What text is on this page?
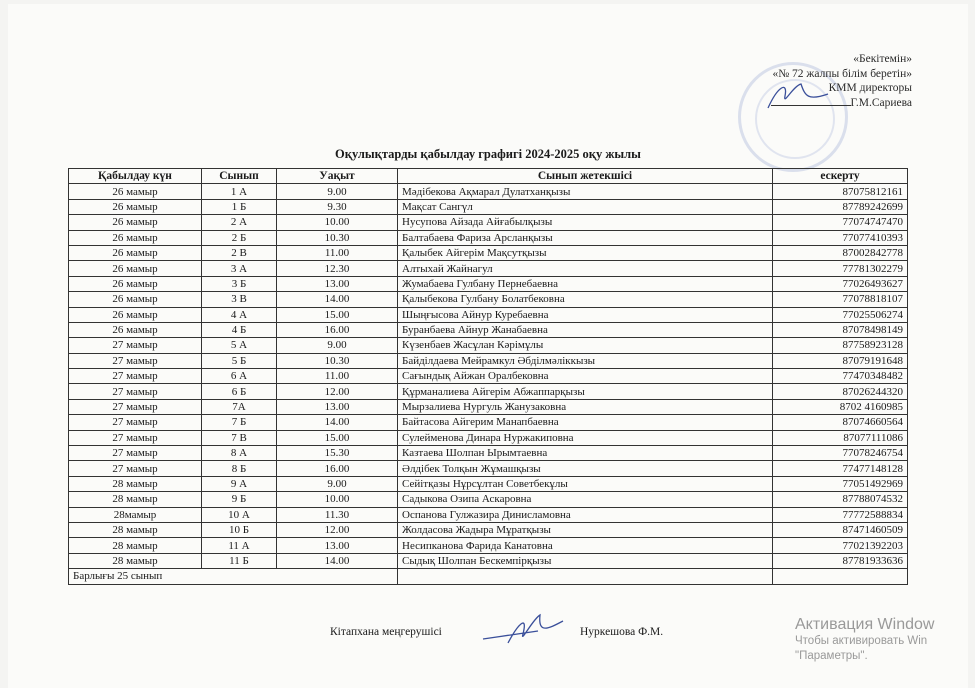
«Бекітемін»
«№ 72 жалпы білім беретін»
КММ директоры
Г.М.Сариева
Оқулықтарды қабылдау графигі 2024-2025 оқу жылы
Қабылдау күн	Сынып	Уақыт	Сынып жетекшісі	ескерту
26 мамыр	1 А	9.00	Мәдібекова Ақмарал Дулатханқызы	87075812161
26 мамыр	1 Б	9.30	Мақсат Сангүл	87789242699
26 мамыр	2 А	10.00	Нусупова Айзада Айғабылқызы	77074747470
26 мамыр	2 Б	10.30	Балтабаева Фариза Арсланқызы	77077410393
26 мамыр	2 В	11.00	Қалыбек Айгерім Мақсутқызы	87002842778
26 мамыр	3 А	12.30	Алтыхай Жайнагул	77781302279
26 мамыр	3 Б	13.00	Жумабаева Гулбану Пернебаевна	77026493627
26 мамыр	3 В	14.00	Қалыбекова Гулбану Болатбековна	77078818107
26 мамыр	4 А	15.00	Шыңғысова Айнур Куребаевна	77025506274
26 мамыр	4 Б	16.00	Буранбаева Айнур Жанабаевна	87078498149
27 мамыр	5 А	9.00	Күзенбаев Жасұлан Кәрімұлы	87758923128
27 мамыр	5 Б	10.30	Байділдаева Мейрамкул Әбділмәліккызы	87079191648
27 мамыр	6 А	11.00	Сағындық Айжан Оралбековна	77470348482
27 мамыр	6 Б	12.00	Құрманалиева Айгерім Абжаппарқызы	87026244320
27 мамыр	7А	13.00	Мырзалиева Нургуль Жанузаковна	8702 4160985
27 мамыр	7 Б	14.00	Байтасова Айгерим Манапбаевна	87074660564
27 мамыр	7 В	15.00	Сулейменова Динара Нуржакиповна	87077111086
27 мамыр	8 А	15.30	Казтаева Шолпан Ырымтаевна	77078246754
27 мамыр	8 Б	16.00	Әлдібек Толқын Жұмашқызы	77477148128
28 мамыр	9 А	9.00	Сейітқазы Нұрсұлтан Советбекұлы	77051492969
28 мамыр	9 Б	10.00	Садыкова Озипа Аскаровна	87788074532
28мамыр	10 А	11.30	Оспанова Гулжазира Динисламовна	77772588834
28 мамыр	10 Б	12.00	Жолдасова Жадыра Мұратқызы	87471460509
28 мамыр	11 А	13.00	Несипканова Фарида Канатовна	77021392203
28 мамыр	11 Б	14.00	Сыдық Шолпан Бескемпірқызы	87781933636
Барлығы 25 сынып				
Кітапхана меңгерушісі	Нуркешова Ф.М.	Активация Window
Чтобы активировать Win
"Параметры".
